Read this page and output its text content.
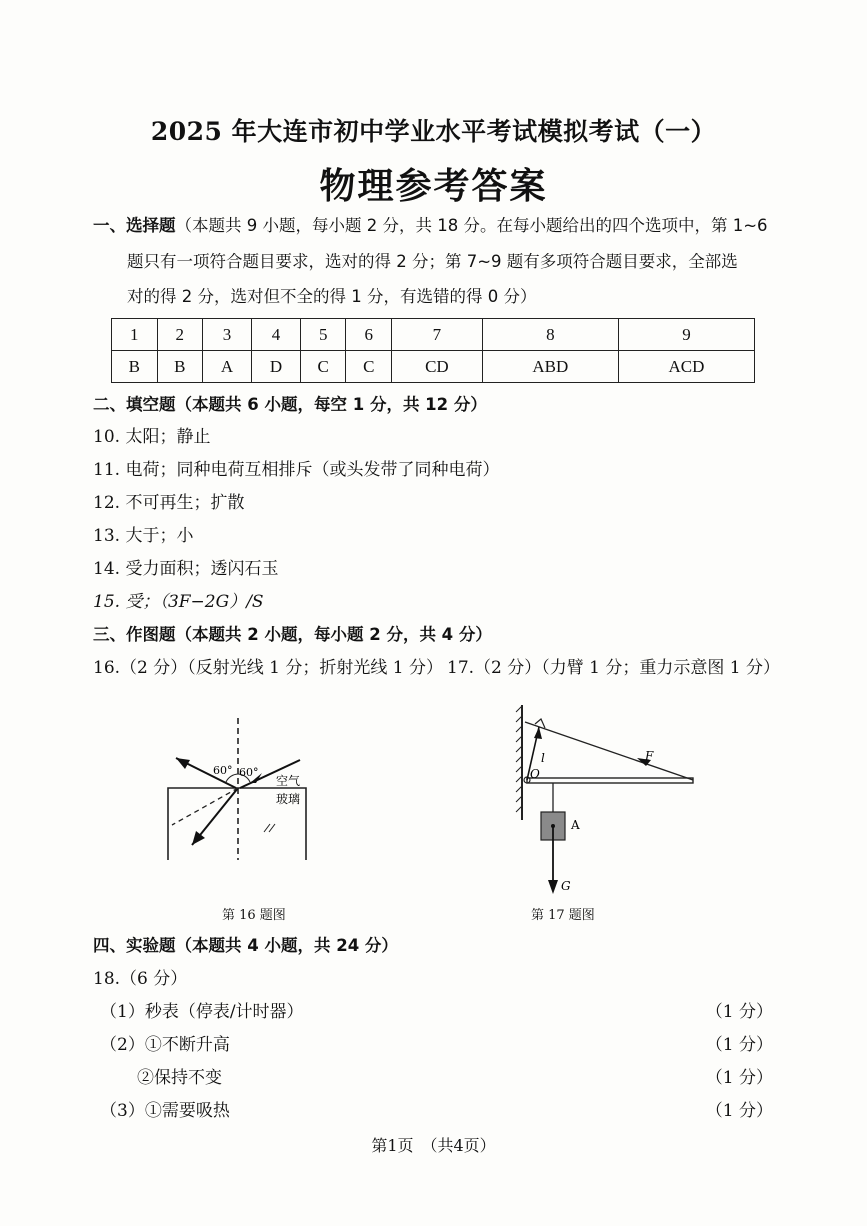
2025 年大连市初中学业水平考试模拟考试（一）
物理参考答案
一、选择题（本题共 9 小题，每小题 2 分，共 18 分。在每小题给出的四个选项中，第 1~6
题只有一项符合题目要求，选对的得 2 分；第 7~9 题有多项符合题目要求，全部选
对的得 2 分，选对但不全的得 1 分，有选错的得 0 分）
1	2	3	4	5	6	7	8	9
B	B	A	D	C	C	CD	ABD	ACD
二、填空题（本题共 6 小题，每空 1 分，共 12 分）
10. 太阳；静止
11. 电荷；同种电荷互相排斥（或头发带了同种电荷）
12. 不可再生；扩散
13. 大于；小
14. 受力面积；透闪石玉
15. 受；（3F−2G）/S
三、作图题（本题共 2 小题，每小题 2 分，共 4 分）
16.（2 分）（反射光线 1 分；折射光线 1 分） 17.（2 分）（力臂 1 分；重力示意图 1 分）
60° 60°
空气
玻璃
第 16 题图
F
l
O
A
G
第 17 题图
四、实验题（本题共 4 小题，共 24 分）
18.（6 分）
（1）秒表（停表/计时器）	（1 分）
（2）①不断升高	（1 分）
②保持不变	（1 分）
（3）①需要吸热	（1 分）
第1页　（共4页）
